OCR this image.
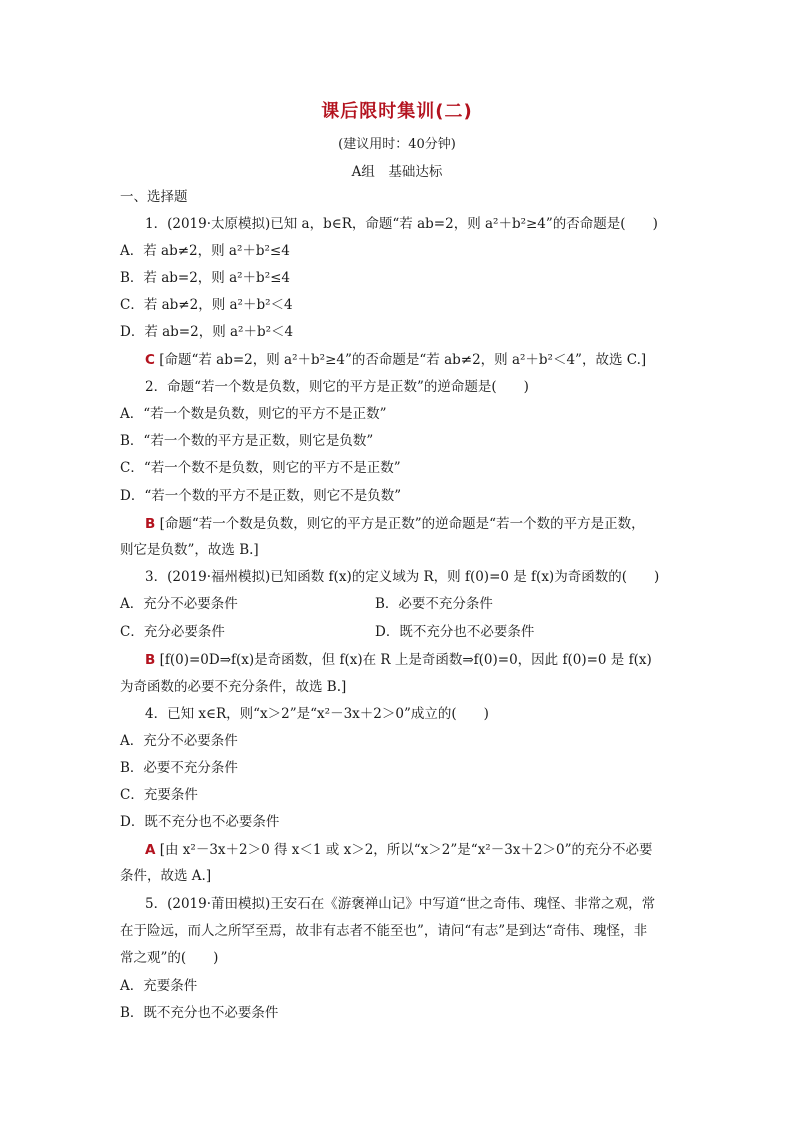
课后限时集训(二)
(建议用时：40分钟)
A组　基础达标
一、选择题
1．(2019·太原模拟)已知 a，b∈R，命题“若 ab=2，则 a²＋b²≥4”的否命题是(　　)
A．若 ab≠2，则 a²＋b²≤4
B．若 ab=2，则 a²＋b²≤4
C．若 ab≠2，则 a²＋b²＜4
D．若 ab=2，则 a²＋b²＜4
C [命题“若 ab=2，则 a²＋b²≥4”的否命题是“若 ab≠2，则 a²＋b²＜4”，故选 C.]
2．命题“若一个数是负数，则它的平方是正数”的逆命题是(　　)
A．“若一个数是负数，则它的平方不是正数”
B．“若一个数的平方是正数，则它是负数”
C．“若一个数不是负数，则它的平方不是正数”
D．“若一个数的平方不是正数，则它不是负数”
B [命题“若一个数是负数，则它的平方是正数”的逆命题是“若一个数的平方是正数，
则它是负数”，故选 B.]
3．(2019·福州模拟)已知函数 f(x)的定义域为 R，则 f(0)=0 是 f(x)为奇函数的(　　)
A．充分不必要条件	B．必要不充分条件
C．充分必要条件	D．既不充分也不必要条件
B [f(0)=0D⇒f(x)是奇函数，但 f(x)在 R 上是奇函数⇒f(0)=0，因此 f(0)=0 是 f(x)
为奇函数的必要不充分条件，故选 B.]
4．已知 x∈R，则“x＞2”是“x²－3x＋2＞0”成立的(　　)
A．充分不必要条件
B．必要不充分条件
C．充要条件
D．既不充分也不必要条件
A [由 x²－3x＋2＞0 得 x＜1 或 x＞2，所以“x＞2”是“x²－3x＋2＞0”的充分不必要
条件，故选 A.]
5．(2019·莆田模拟)王安石在《游褒禅山记》中写道“世之奇伟、瑰怪、非常之观，常
在于险远，而人之所罕至焉，故非有志者不能至也”，请问“有志”是到达“奇伟、瑰怪，非
常之观”的(　　)
A．充要条件
B．既不充分也不必要条件
